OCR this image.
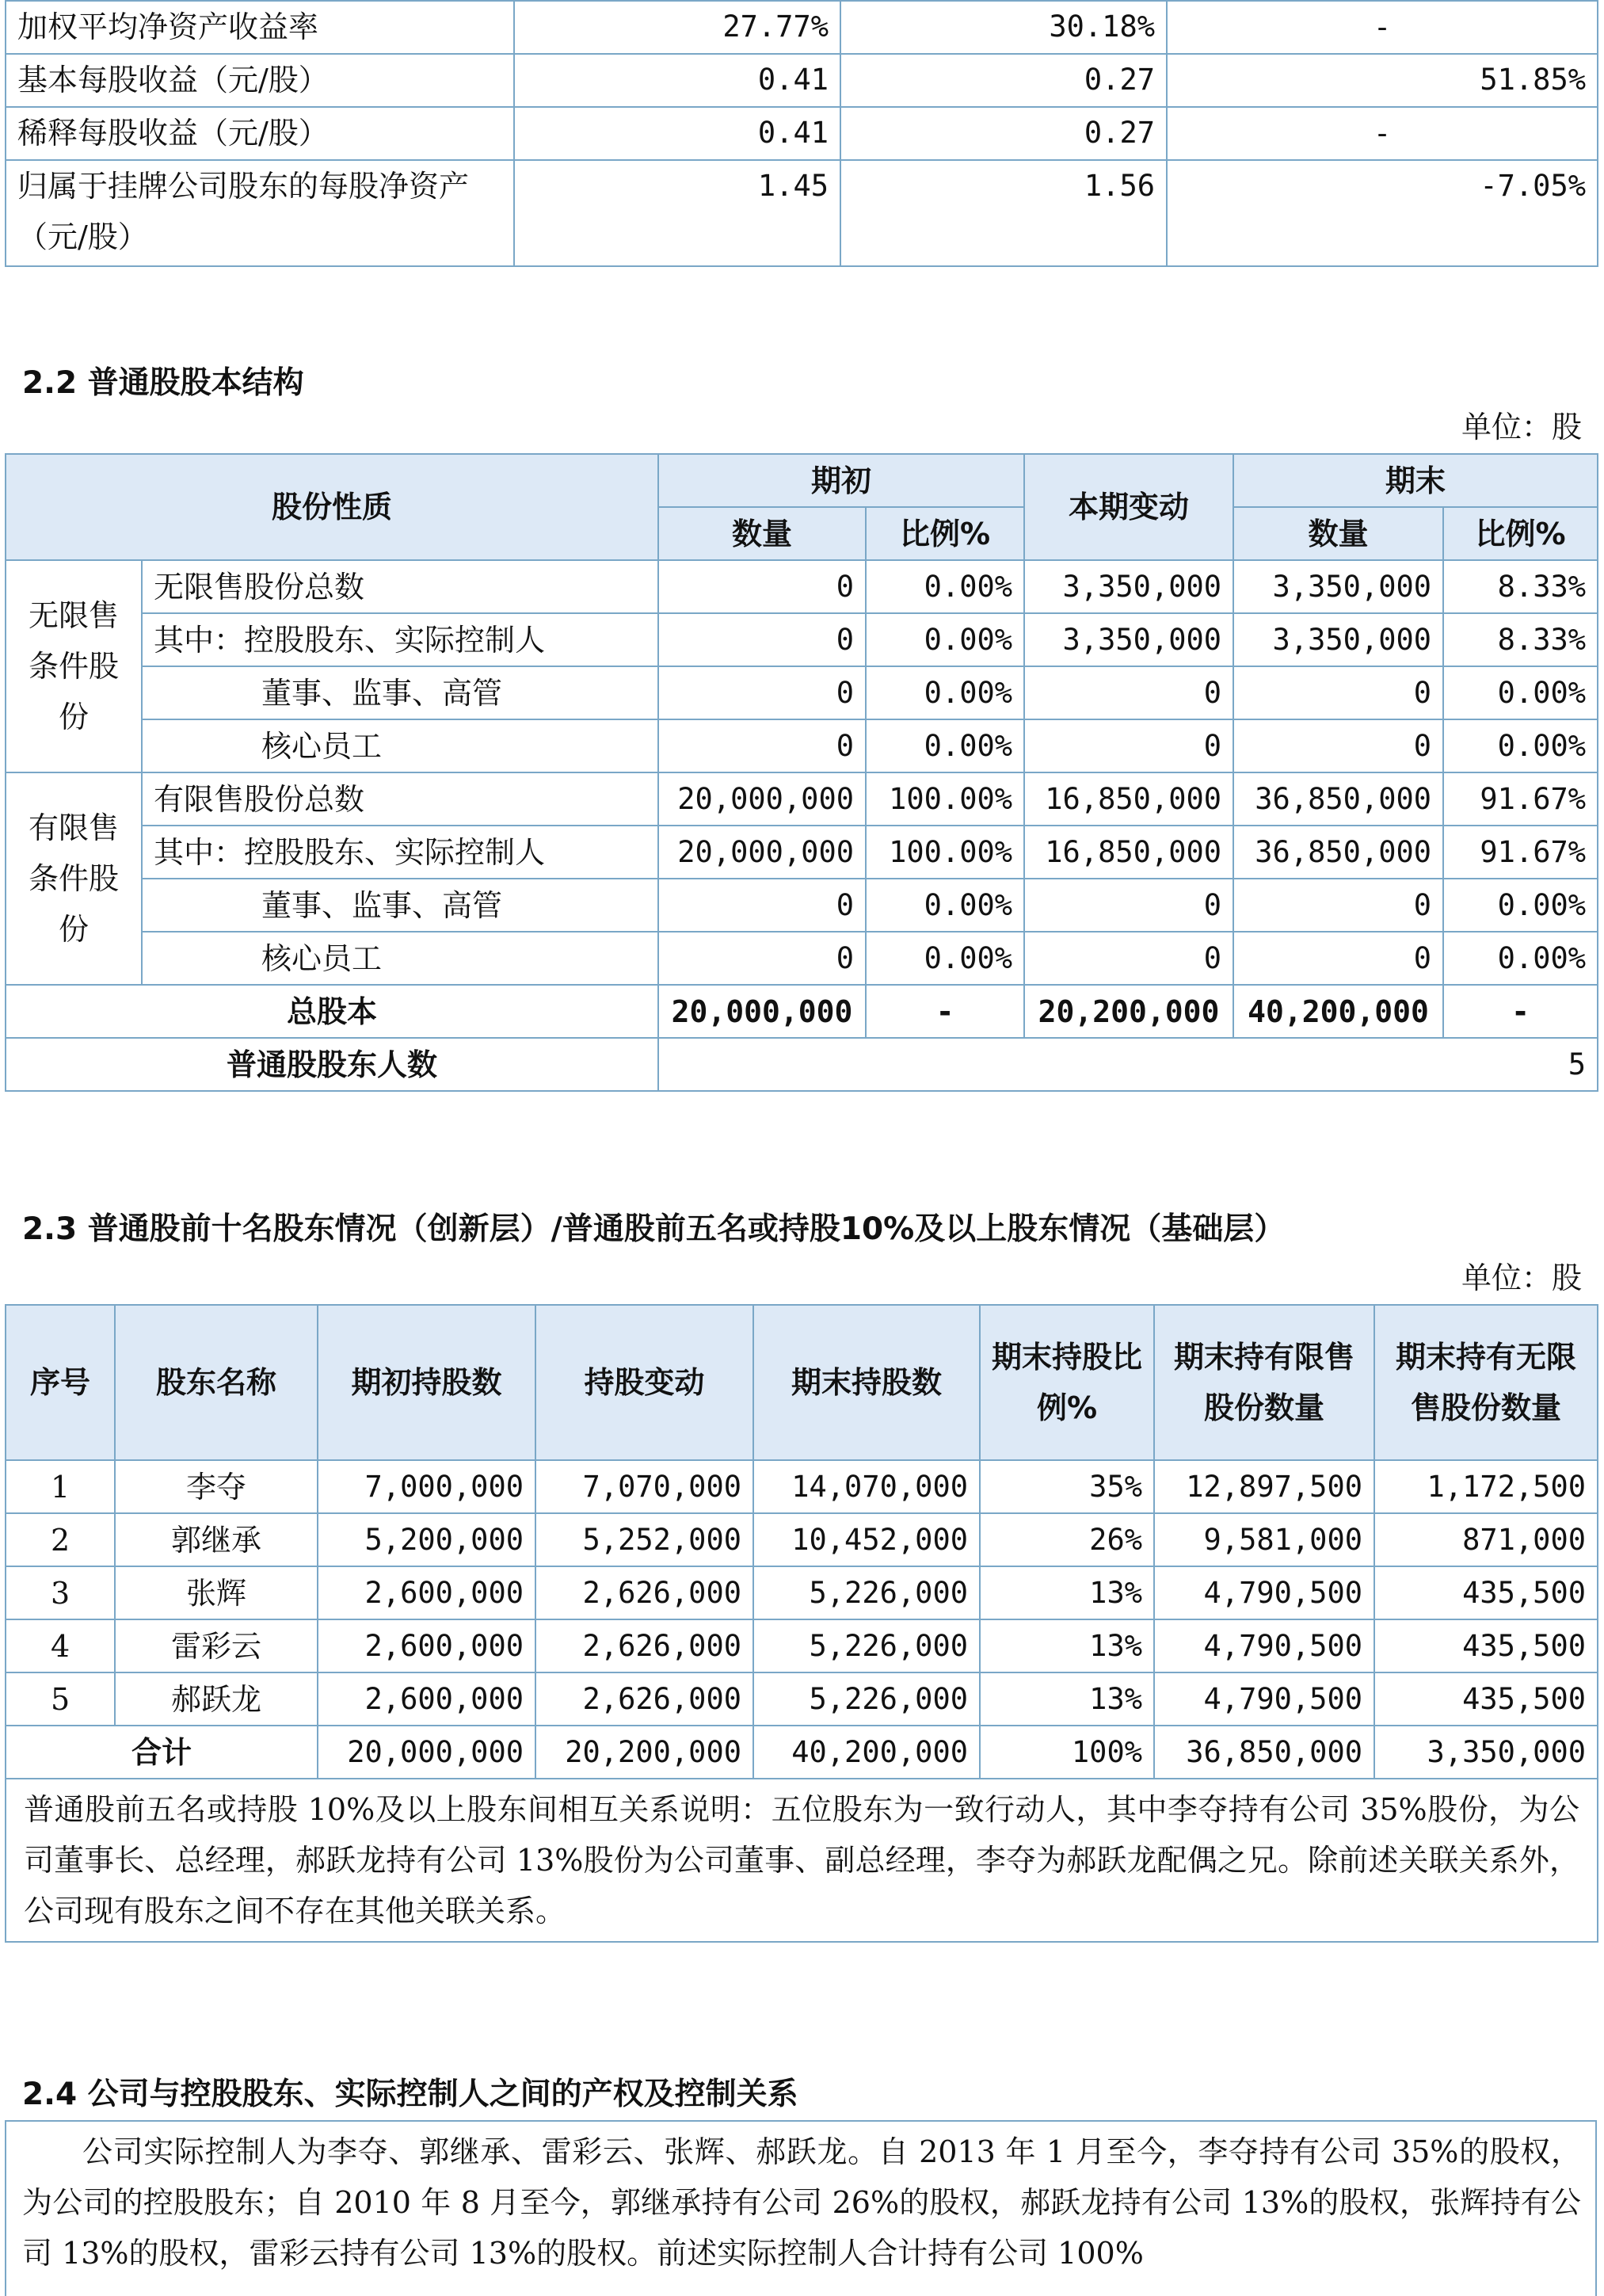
加权平均净资产收益率	27.77%	30.18%	-
基本每股收益（元/股）	0.41	0.27	51.85%
稀释每股收益（元/股）	0.41	0.27	-
归属于挂牌公司股东的每股净资产（元/股）	1.45	1.56	-7.05%
2.2 普通股股本结构
单位：股
股份性质		期初		本期变动	期末	
		数量	比例%		数量	比例%
无限售条件股份	无限售股份总数	0	0.00%	3,350,000	3,350,000	8.33%
	其中：控股股东、实际控制人	0	0.00%	3,350,000	3,350,000	8.33%
	董事、监事、高管	0	0.00%	0	0	0.00%
	核心员工	0	0.00%	0	0	0.00%
有限售条件股份	有限售股份总数	20,000,000	100.00%	16,850,000	36,850,000	91.67%
	其中：控股股东、实际控制人	20,000,000	100.00%	16,850,000	36,850,000	91.67%
	董事、监事、高管	0	0.00%	0	0	0.00%
	核心员工	0	0.00%	0	0	0.00%
总股本		20,000,000	-	20,200,000	40,200,000	-
普通股股东人数		5				
2.3 普通股前十名股东情况（创新层）/普通股前五名或持股10%及以上股东情况（基础层）
单位：股
序号	股东名称	期初持股数	持股变动	期末持股数	期末持股比例%	期末持有限售股份数量	期末持有无限售股份数量
1	李夺	7,000,000	7,070,000	14,070,000	35%	12,897,500	1,172,500
2	郭继承	5,200,000	5,252,000	10,452,000	26%	9,581,000	871,000
3	张辉	2,600,000	2,626,000	5,226,000	13%	4,790,500	435,500
4	雷彩云	2,600,000	2,626,000	5,226,000	13%	4,790,500	435,500
5	郝跃龙	2,600,000	2,626,000	5,226,000	13%	4,790,500	435,500
合计		20,000,000	20,200,000	40,200,000	100%	36,850,000	3,350,000
普通股前五名或持股 10%及以上股东间相互关系说明：五位股东为一致行动人，其中李夺持有公司 35%股份，为公司董事长、总经理，郝跃龙持有公司 13%股份为公司董事、副总经理，李夺为郝跃龙配偶之兄。除前述关联关系外，公司现有股东之间不存在其他关联关系。							
2.4 公司与控股股东、实际控制人之间的产权及控制关系
公司实际控制人为李夺、郭继承、雷彩云、张辉、郝跃龙。自 2013 年 1 月至今，李夺持有公司 35%的股权，为公司的控股股东；自 2010 年 8 月至今，郭继承持有公司 26%的股权，郝跃龙持有公司 13%的股权，张辉持有公司 13%的股权，雷彩云持有公司 13%的股权。前述实际控制人合计持有公司 100%
